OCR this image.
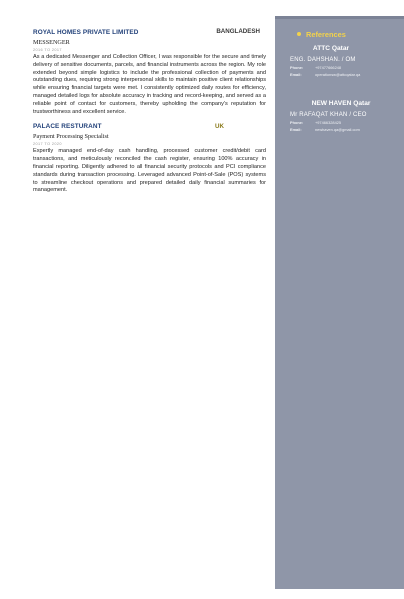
ROYAL HOMES PRIVATE LIMITED	BANGLADESH
MESSENGER
2016 TO 2017
As a dedicated Messenger and Collection Officer, I was responsible for the secure and timely delivery of sensitive documents, parcels, and financial instruments across the region. My role extended beyond simple logistics to include the professional collection of payments and outstanding dues, requiring strong interpersonal skills to maintain positive client relationships while ensuring financial targets were met. I consistently optimized daily routes for efficiency, managed detailed logs for absolute accuracy in tracking and record-keeping, and served as a reliable point of contact for customers, thereby upholding the company's reputation for trustworthiness and excellent service.
PALACE RESTURANT	UK
Payment Processing Specialist
2017 TO 2020
Expertly managed end-of-day cash handling, processed customer credit/debit card transactions, and meticulously reconciled the cash register, ensuring 100% accuracy in financial reporting. Diligently adhered to all financial security protocols and PCI compliance standards during transaction processing. Leveraged advanced Point-of-Sale (POS) systems to streamline checkout operations and prepared detailed daily financial summaries for management.
References
ATTC Qatar
ENG. DAHSHAN. / OM
Phone:	+97477666248
Email:	operationsw@attcqatar.qa
NEW HAVEN Qatar
Mr RAFAQAT KHAN / CEO
Phone:	+97466328425
Email:	newhaven.qa@gmail.com
